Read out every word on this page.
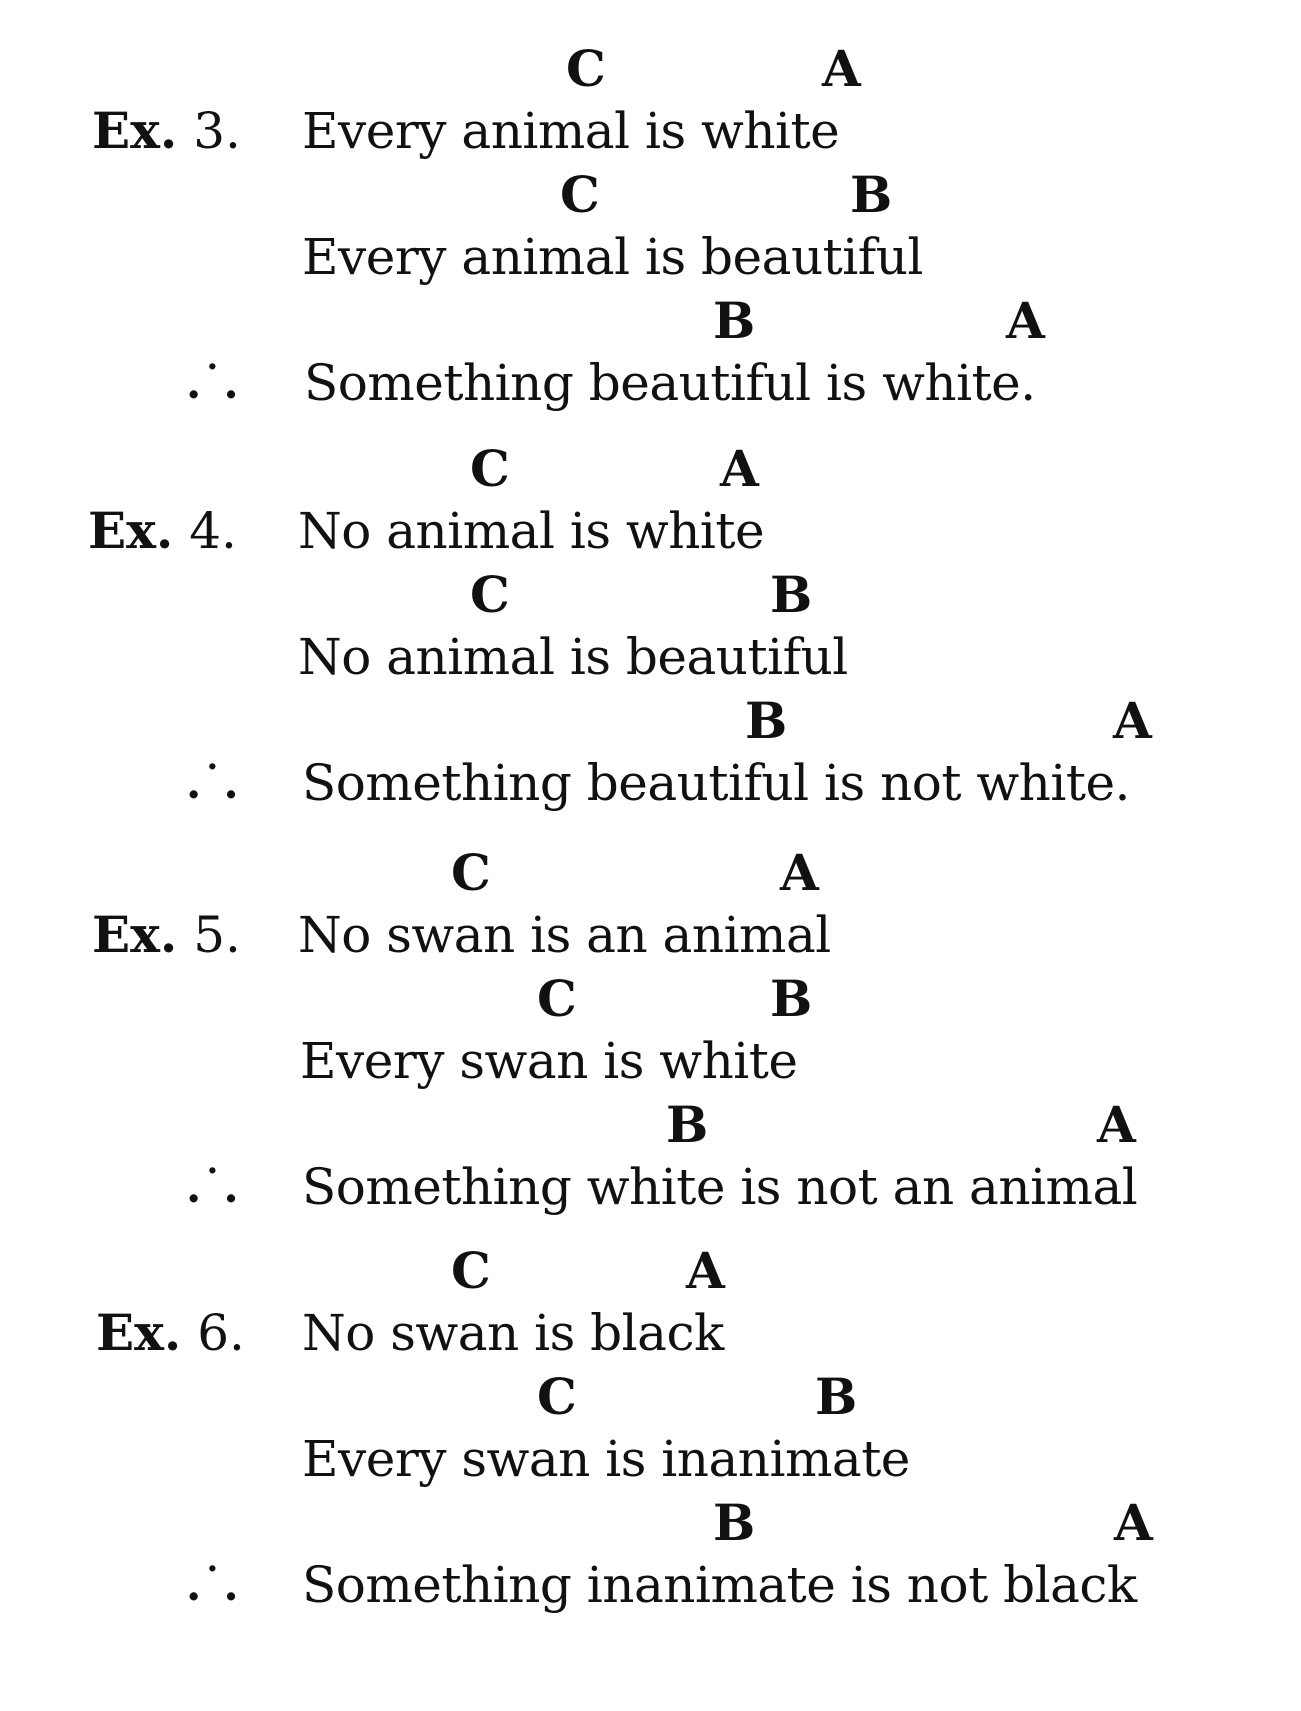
C	A
Ex. 3. Every animal is white
C	B
Every animal is beautiful
B	A
.˙. Something beautiful is white.
C	A
Ex. 4. No animal is white
C	B
No animal is beautiful
B	A
.˙. Something beautiful is not white.
C	A
Ex. 5. No swan is an animal
C	B
Every swan is white
B	A
.˙. Something white is not an animal
C	A
Ex. 6. No swan is black
C	B
Every swan is inanimate
B	A
.˙. Something inanimate is not black
